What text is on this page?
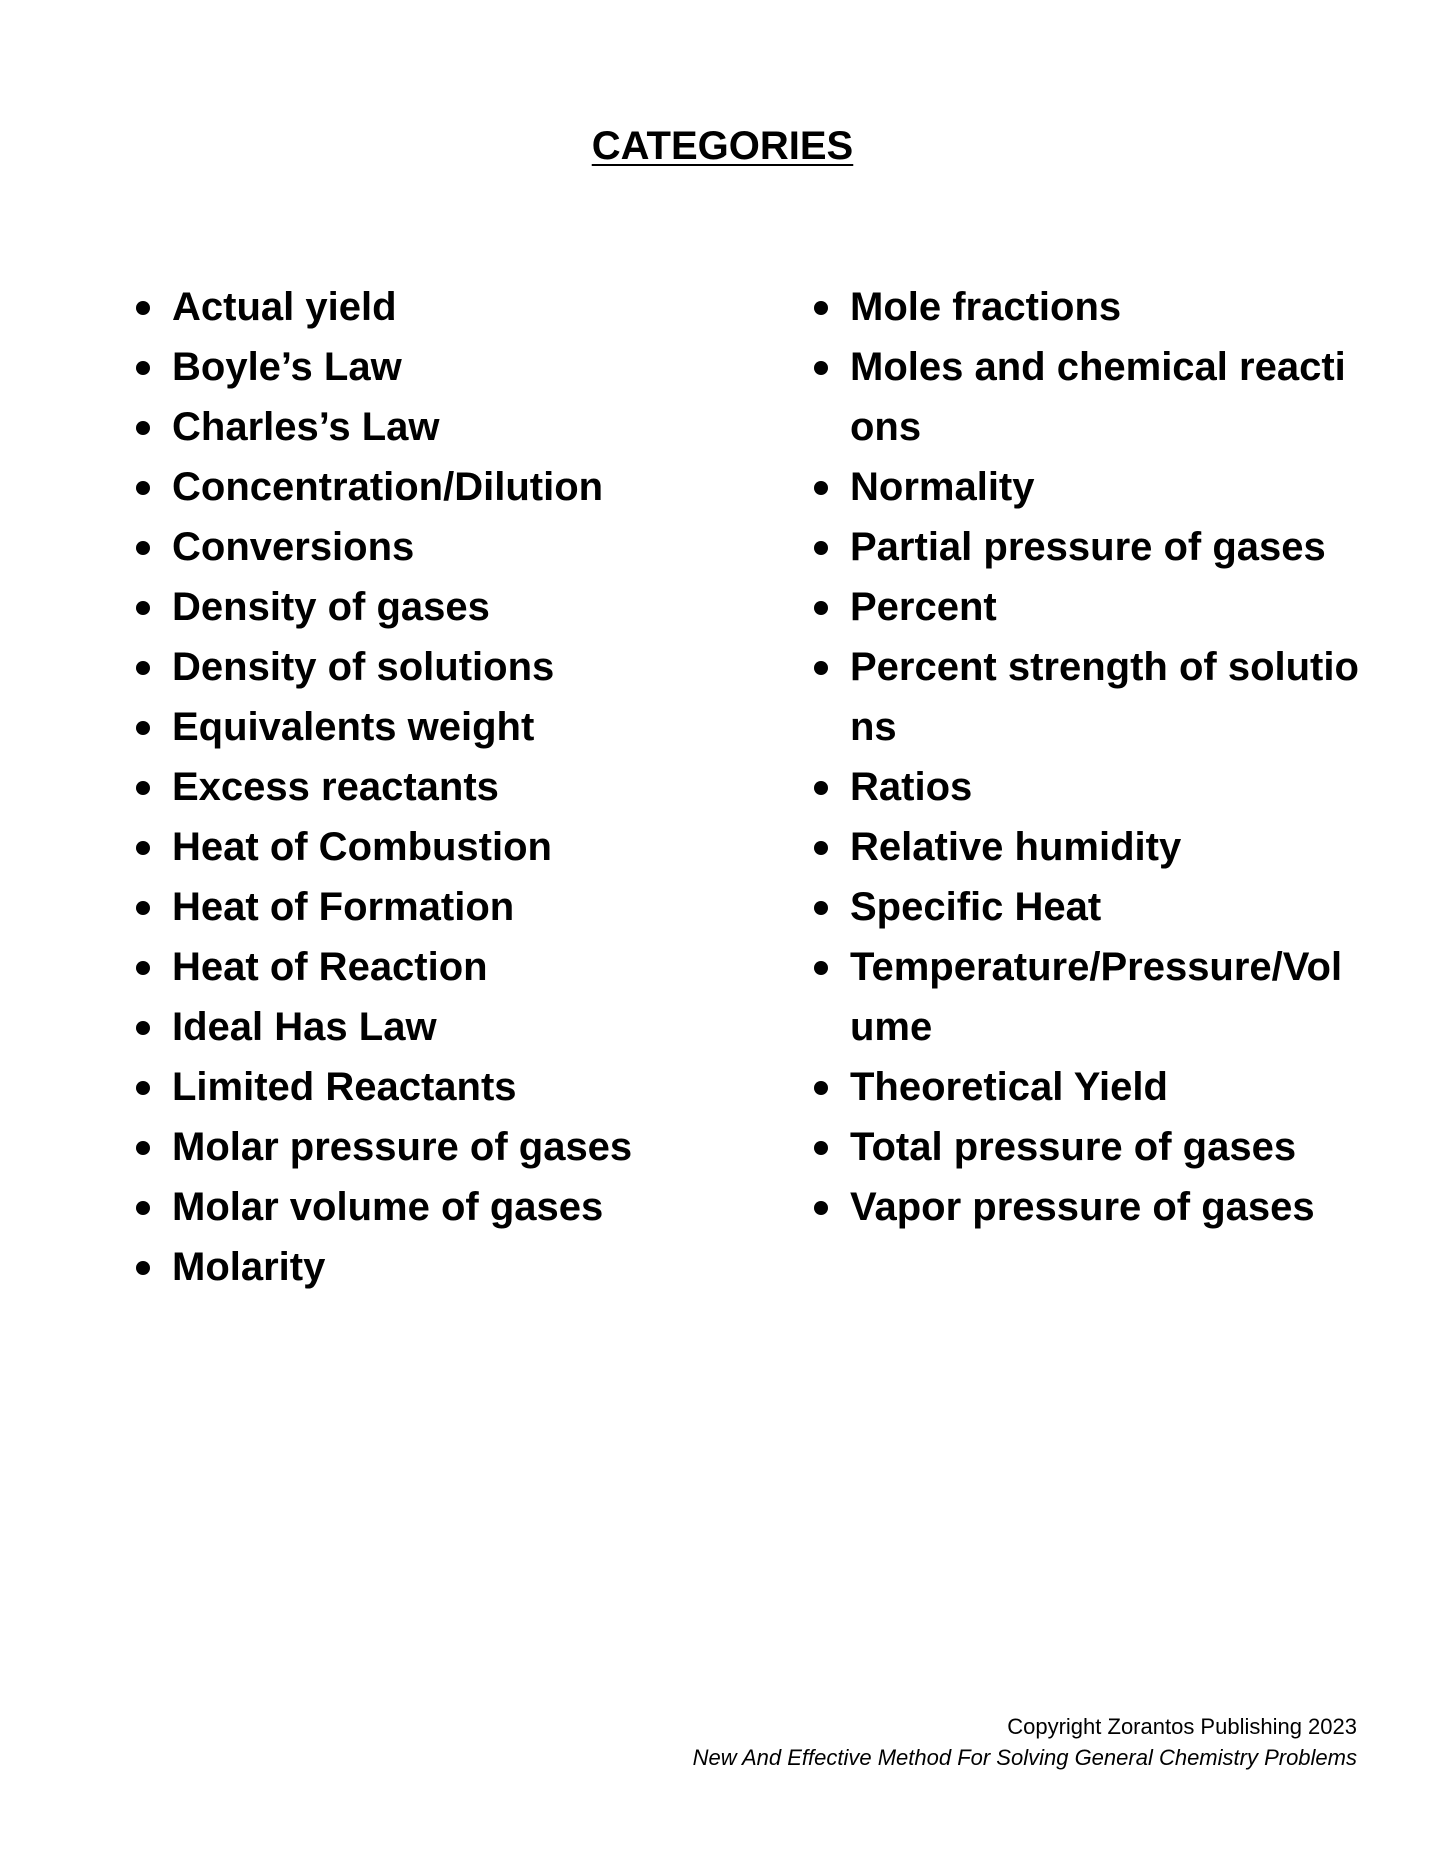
CATEGORIES
Actual yield
Boyle’s Law
Charles’s Law
Concentration/Dilution
Conversions
Density of gases
Density of solutions
Equivalents weight
Excess reactants
Heat of Combustion
Heat of Formation
Heat of Reaction
Ideal Has Law
Limited Reactants
Molar pressure of gases
Molar volume of gases
Molarity
Mole fractions
Moles and chemical reactions
Normality
Partial pressure of gases
Percent
Percent strength of solutions
Ratios
Relative humidity
Specific Heat
Temperature/Pressure/Volume
Theoretical Yield
Total pressure of gases
Vapor pressure of gases
Copyright Zorantos Publishing 2023
New And Effective Method For Solving General Chemistry Problems
